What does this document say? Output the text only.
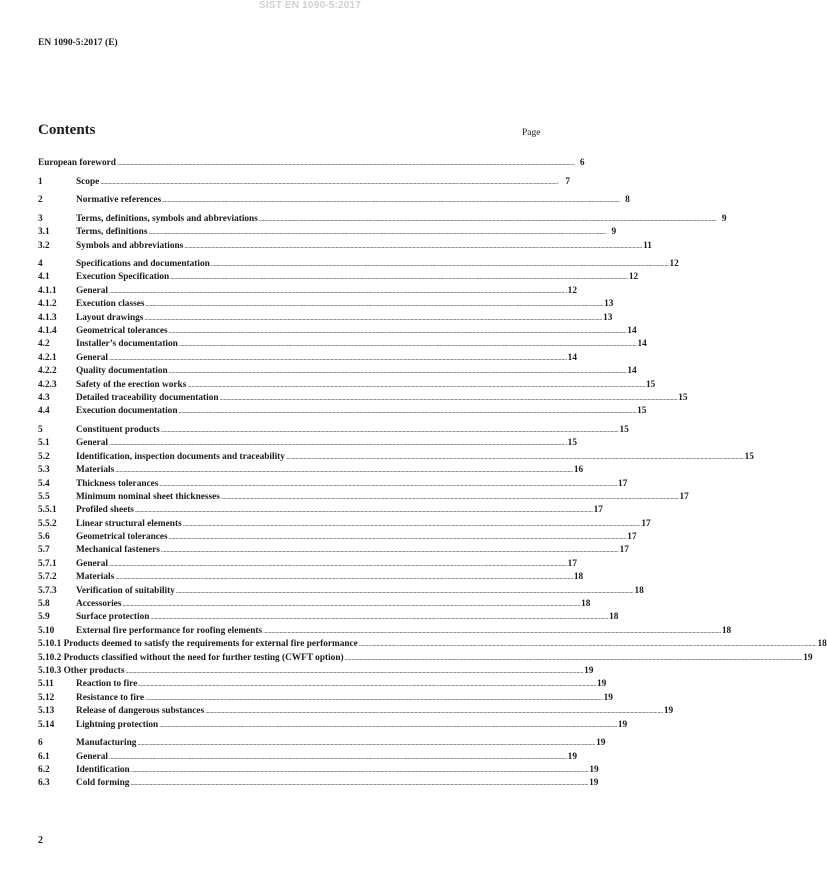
SIST EN 1090-5:2017
EN 1090-5:2017 (E)
Contents	Page
European foreword .....	6
1	Scope .....	7
2	Normative references .....	8
3	Terms, definitions, symbols and abbreviations .....	9
3.1	Terms, definitions .....	9
3.2	Symbols and abbreviations .....	11
4	Specifications and documentation .....	12
4.1	Execution Specification .....	12
4.1.1	General .....	12
4.1.2	Execution classes .....	13
4.1.3	Layout drawings .....	13
4.1.4	Geometrical tolerances .....	14
4.2	Installer’s documentation .....	14
4.2.1	General .....	14
4.2.2	Quality documentation .....	14
4.2.3	Safety of the erection works .....	15
4.3	Detailed traceability documentation .....	15
4.4	Execution documentation .....	15
5	Constituent products .....	15
5.1	General .....	15
5.2	Identification, inspection documents and traceability .....	15
5.3	Materials .....	16
5.4	Thickness tolerances .....	17
5.5	Minimum nominal sheet thicknesses .....	17
5.5.1	Profiled sheets .....	17
5.5.2	Linear structural elements .....	17
5.6	Geometrical tolerances .....	17
5.7	Mechanical fasteners .....	17
5.7.1	General .....	17
5.7.2	Materials .....	18
5.7.3	Verification of suitability .....	18
5.8	Accessories .....	18
5.9	Surface protection .....	18
5.10	External fire performance for roofing elements .....	18
5.10.1 Products deemed to satisfy the requirements for external fire performance .....	18
5.10.2 Products classified without the need for further testing (CWFT option) .....	19
5.10.3 Other products .....	19
5.11	Reaction to fire .....	19
5.12	Resistance to fire .....	19
5.13	Release of dangerous substances .....	19
5.14	Lightning protection .....	19
6	Manufacturing .....	19
6.1	General .....	19
6.2	Identification .....	19
6.3	Cold forming .....	19
2
